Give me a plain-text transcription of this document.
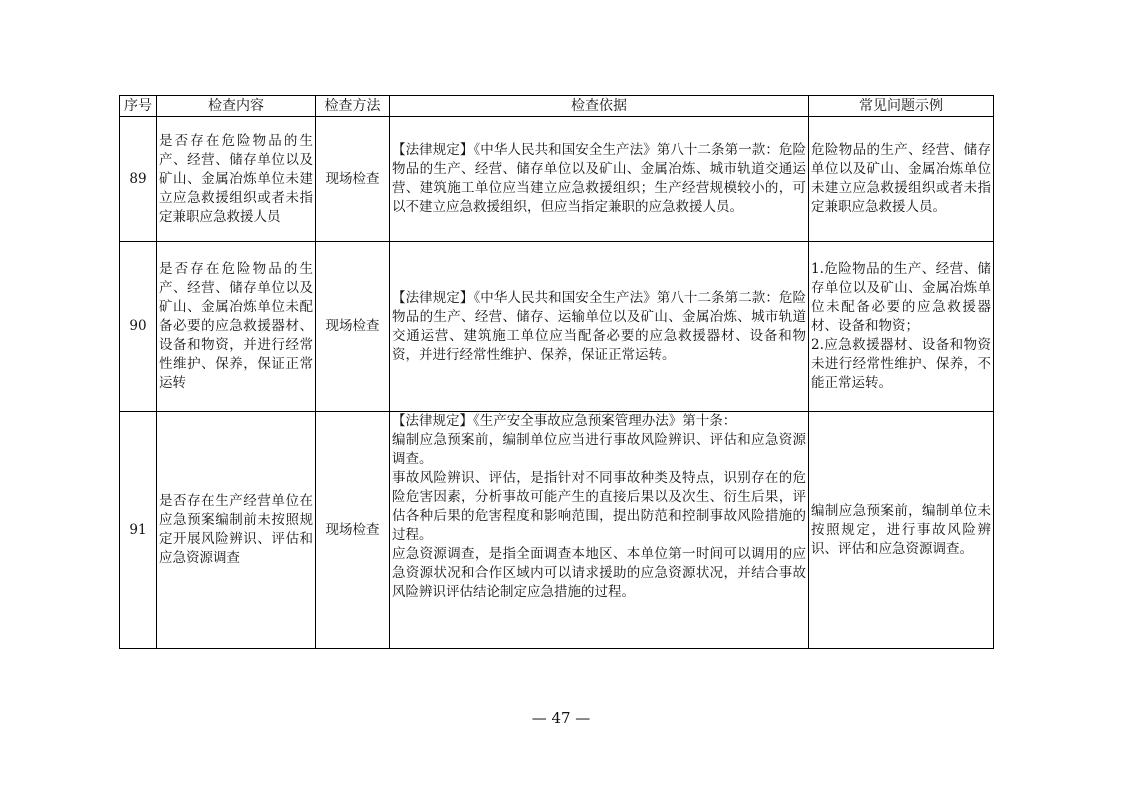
序号	检查内容	检查方法	检查依据	常见问题示例
89	是否存在危险物品的生产、经营、储存单位以及矿山、金属冶炼单位未建立应急救援组织或者未指定兼职应急救援人员	现场检查	【法律规定】《中华人民共和国安全生产法》第八十二条第一款：危险物品的生产、经营、储存单位以及矿山、金属冶炼、城市轨道交通运营、建筑施工单位应当建立应急救援组织；生产经营规模较小的，可以不建立应急救援组织，但应当指定兼职的应急救援人员。	危险物品的生产、经营、储存单位以及矿山、金属冶炼单位未建立应急救援组织或者未指定兼职应急救援人员。

90	是否存在危险物品的生产、经营、储存单位以及矿山、金属冶炼单位未配备必要的应急救援器材、设备和物资，并进行经常性维护、保养，保证正常运转	现场检查	【法律规定】《中华人民共和国安全生产法》第八十二条第二款：危险物品的生产、经营、储存、运输单位以及矿山、金属冶炼、城市轨道交通运营、建筑施工单位应当配备必要的应急救援器材、设备和物资，并进行经常性维护、保养，保证正常运转。	1.危险物品的生产、经营、储存单位以及矿山、金属冶炼单位未配备必要的应急救援器材、设备和物资；
2.应急救援器材、设备和物资未进行经常性维护、保养，不能正常运转。

91	是否存在生产经营单位在应急预案编制前未按照规定开展风险辨识、评估和应急资源调查	现场检查	【法律规定】《生产安全事故应急预案管理办法》第十条：
编制应急预案前，编制单位应当进行事故风险辨识、评估和应急资源调查。
事故风险辨识、评估，是指针对不同事故种类及特点，识别存在的危险危害因素，分析事故可能产生的直接后果以及次生、衍生后果，评估各种后果的危害程度和影响范围，提出防范和控制事故风险措施的过程。
应急资源调查，是指全面调查本地区、本单位第一时间可以调用的应急资源状况和合作区域内可以请求援助的应急资源状况，并结合事故风险辨识评估结论制定应急措施的过程。	编制应急预案前，编制单位未按照规定，进行事故风险辨识、评估和应急资源调查。
— 47 —
